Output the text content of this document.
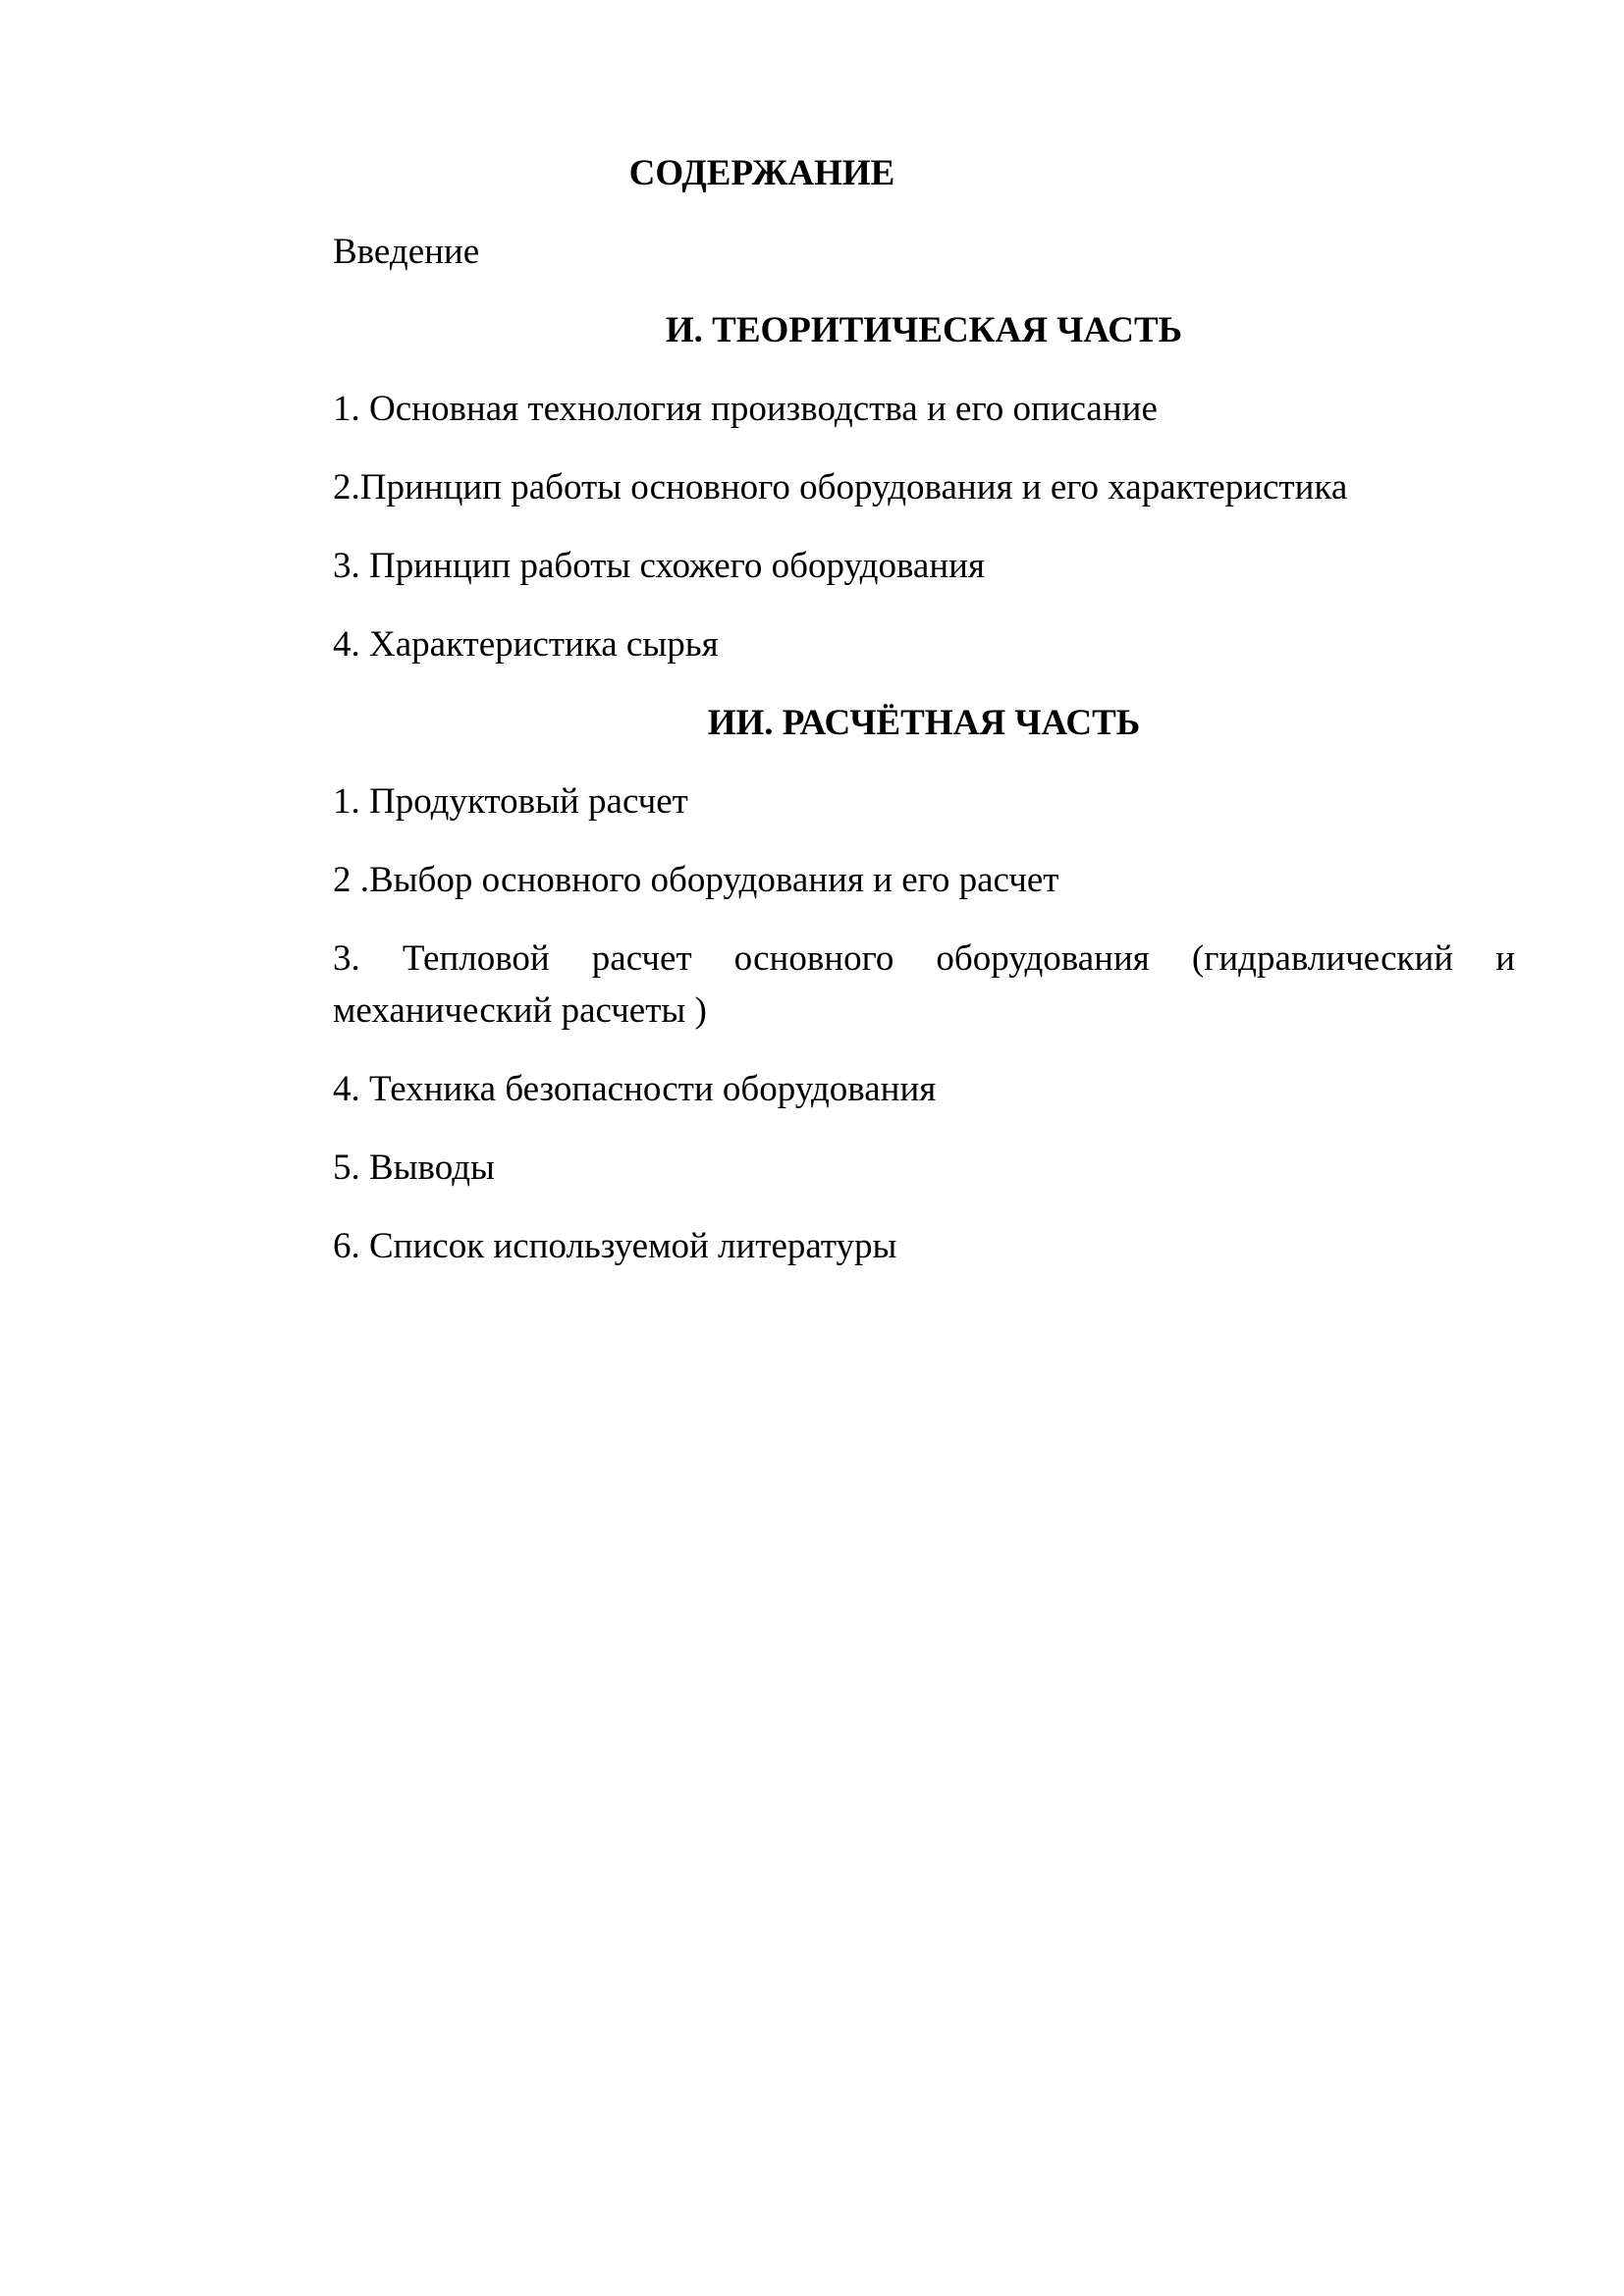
СОДЕРЖАНИЕ

Введение

И. ТЕОРИТИЧЕСКАЯ ЧАСТЬ

1. Основная технология производства и его описание

2.Принцип работы основного оборудования и его характеристика

3. Принцип работы схожего оборудования

4. Характеристика сырья

ИИ. РАСЧЁТНАЯ ЧАСТЬ

1. Продуктовый расчет

2 .Выбор основного оборудования и его расчет

3. Тепловой расчет основного оборудования (гидравлический и
механический расчеты )

4. Техника безопасности оборудования

5. Выводы

6. Список используемой литературы
